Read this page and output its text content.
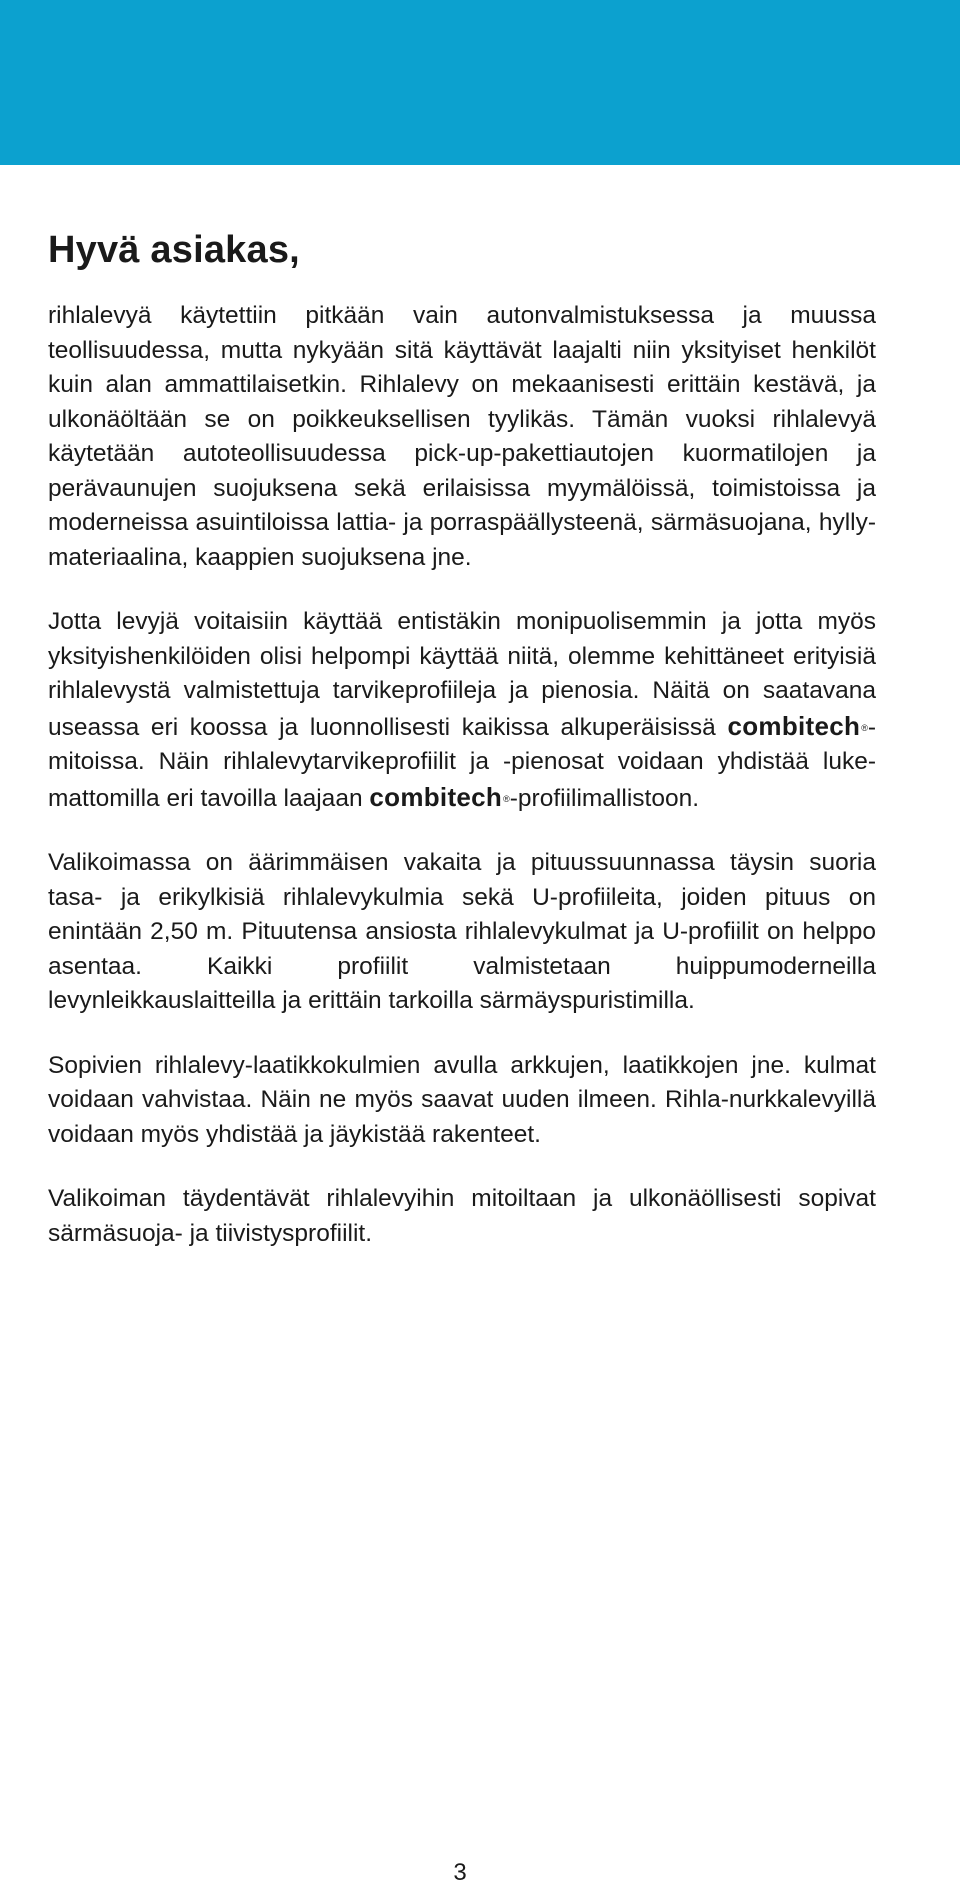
Hyvä asiakas,

rihlalevyä käytettiin pitkään vain autonvalmistuksessa ja muussa teollisuudessa, mutta nykyään sitä käyttävät laajalti niin yksityiset henkilöt kuin alan ammattilaisetkin. Rihlalevy on mekaanisesti erittäin kestävä, ja ulkonäöltään se on poikkeuksellisen tyylikäs. Tämän vuoksi rihlalevyä käytetään autoteollisuudessa pick-up-pakettiautojen kuormatilojen ja perävaunujen suojuksena sekä erilaisissa myymälöissä, toimistoissa ja moderneissa asuintiloissa lattia- ja porraspäällysteenä, särmäsuojana, hyllymateriaalina, kaappien suojuksena jne.

Jotta levyjä voitaisiin käyttää entistäkin monipuolisemmin ja jotta myös yksityishenkilöiden olisi helpompi käyttää niitä, olemme kehittäneet erityisiä rihlalevystä valmistettuja tarvikeprofiileja ja pienosia. Näitä on saatavana useassa eri koossa ja luonnollisesti kaikissa alkuperäisissä combitech®-mitoissa. Näin rihlalevytarvikeprofiilit ja -pienosat voidaan yhdistää lukemattomilla eri tavoilla laajaan combitech®-profiilimallistoon.

Valikoimassa on äärimmäisen vakaita ja pituussuunnassa täysin suoria tasa- ja erikylkisiä rihlalevykulmia sekä U-profiileita, joiden pituus on enintään 2,50 m. Pituutensa ansiosta rihlalevykulmat ja U-profiilit on helppo asentaa. Kaikki profiilit valmistetaan huippumoderneilla levynleikkauslaitteilla ja erittäin tarkoilla särmäyspuristimilla.

Sopivien rihlalevy-laatikkokulmien avulla arkkujen, laatikkojen jne. kulmat voidaan vahvistaa. Näin ne myös saavat uuden ilmeen. Rihla-nurkkalevyillä voidaan myös yhdistää ja jäykistää rakenteet.

Valikoiman täydentävät rihlalevyihin mitoiltaan ja ulkonäöllisesti sopivat särmäsuoja- ja tiivistysprofiilit.

3
